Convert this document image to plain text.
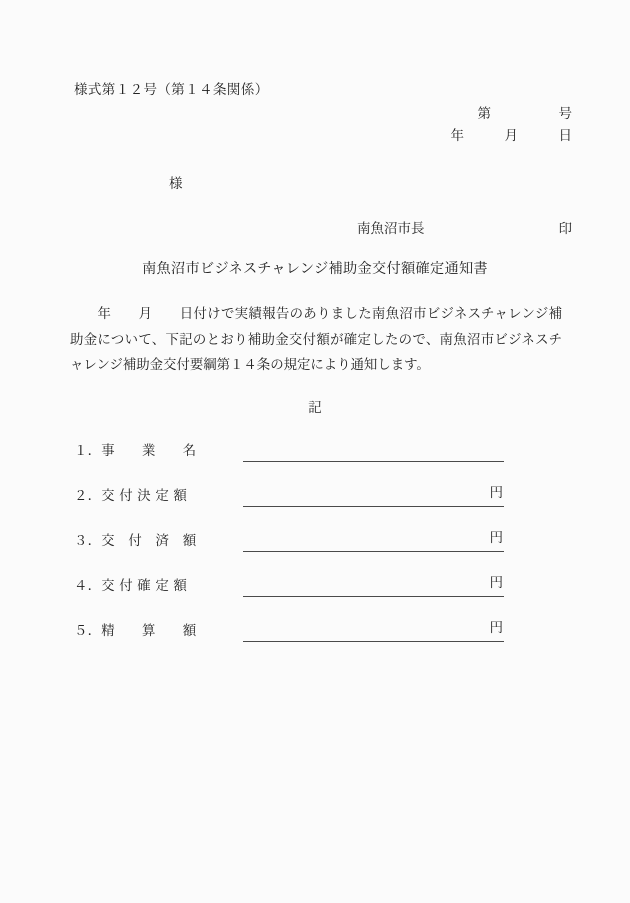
様式第１２号（第１４条関係）
第　　　　　号
年　　　月　　　日
様
南魚沼市長	印
南魚沼市ビジネスチャレンジ補助金交付額確定通知書

　　年　　月　　日付けで実績報告のありました南魚沼市ビジネスチャレンジ補助金について、下記のとおり補助金交付額が確定したので、南魚沼市ビジネスチャレンジ補助金交付要綱第１４条の規定により通知します。

記
１．事　　業　　名
２．交 付 決 定 額	円
３．交　付　済　額	円
４．交 付 確 定 額	円
５．精　　算　　額	円
